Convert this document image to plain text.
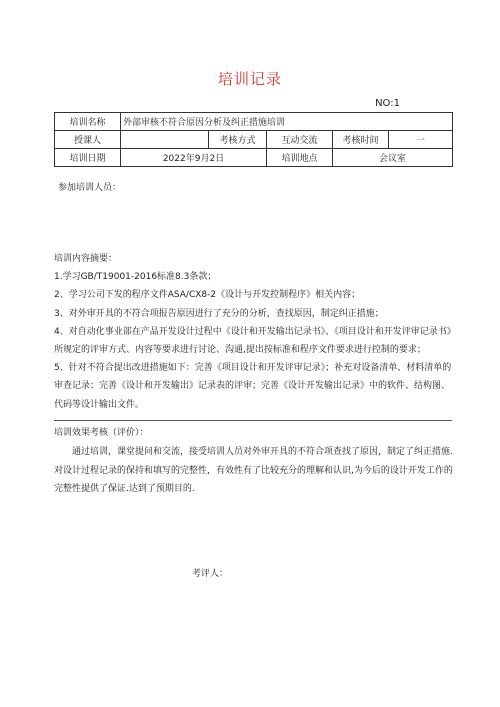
培训记录
NO:1
培训名称	外部审核不符合原因分析及纠正措施培训				
授课人		考核方式	互动交流	考核时间	一
培训日期	2022年9月2日		培训地点	会议室	
参加培训人员：

培训内容摘要：

1.学习GB/T19001-2016标准8.3条款；

2、学习公司下发的程序文件ASA/CX8-2《设计与开发控制程序》相关内容；

3、对外审开具的不符合项报告原因进行了充分的分析，查找原因，制定纠正措施；

4、对自动化事业部在产品开发设计过程中《设计和开发输出记录书》、《项目设计和开发评审记录书》所规定的评审方式、内容等要求进行讨论、沟通,提出按标准和程序文件要求进行控制的要求；

5、针对不符合提出改进措施如下：完善《项目设计和开发评审记录》；补充对设备清单、材料清单的审查记录；完善《设计和开发输出》记录表的评审；完善《设计开发输出记录》中的软件、结构图、代码等设计输出文件。

培训效果考核（评价）：

通过培训，课堂提问和交流，接受培训人员对外审开具的不符合项查找了原因，制定了纠正措施.对设计过程记录的保持和填写的完整性，有效性有了比较充分的理解和认识,为今后的设计开发工作的完整性提供了保证.达到了预期目的.

考评人：
